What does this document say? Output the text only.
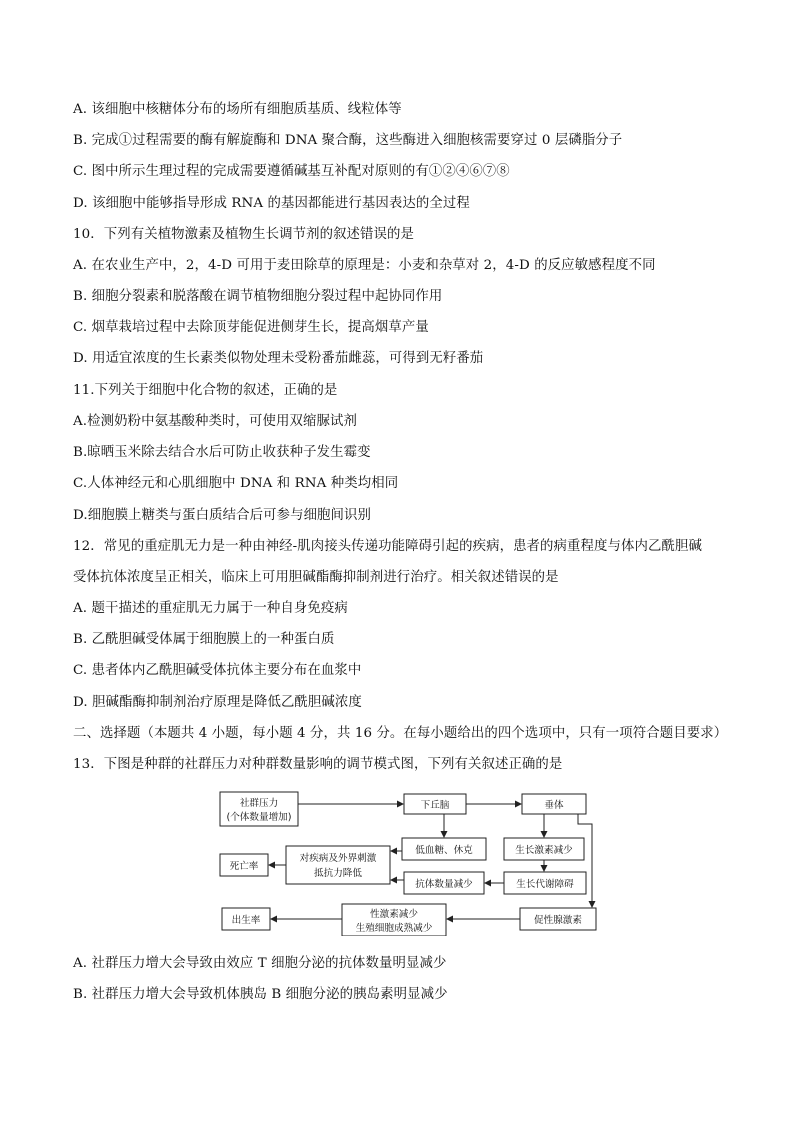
A. 该细胞中核糖体分布的场所有细胞质基质、线粒体等
B. 完成①过程需要的酶有解旋酶和 DNA 聚合酶，这些酶进入细胞核需要穿过 0 层磷脂分子
C. 图中所示生理过程的完成需要遵循碱基互补配对原则的有①②④⑥⑦⑧
D. 该细胞中能够指导形成 RNA 的基因都能进行基因表达的全过程
10．下列有关植物激素及植物生长调节剂的叙述错误的是
A. 在农业生产中，2，4-D 可用于麦田除草的原理是：小麦和杂草对 2，4-D 的反应敏感程度不同
B. 细胞分裂素和脱落酸在调节植物细胞分裂过程中起协同作用
C. 烟草栽培过程中去除顶芽能促进侧芽生长，提高烟草产量
D. 用适宜浓度的生长素类似物处理未受粉番茄雌蕊，可得到无籽番茄
11.下列关于细胞中化合物的叙述，正确的是
A.检测奶粉中氨基酸种类时，可使用双缩脲试剂
B.晾晒玉米除去结合水后可防止收获种子发生霉变
C.人体神经元和心肌细胞中 DNA 和 RNA 种类均相同
D.细胞膜上糖类与蛋白质结合后可参与细胞间识别
12．常见的重症肌无力是一种由神经-肌肉接头传递功能障碍引起的疾病，患者的病重程度与体内乙酰胆碱
受体抗体浓度呈正相关，临床上可用胆碱酯酶抑制剂进行治疗。相关叙述错误的是
A. 题干描述的重症肌无力属于一种自身免疫病
B. 乙酰胆碱受体属于细胞膜上的一种蛋白质
C. 患者体内乙酰胆碱受体抗体主要分布在血浆中
D. 胆碱酯酶抑制剂治疗原理是降低乙酰胆碱浓度
二、选择题（本题共 4 小题，每小题 4 分，共 16 分。在每小题给出的四个选项中，只有一项符合题目要求）
13．下图是种群的社群压力对种群数量影响的调节模式图，下列有关叙述正确的是
社群压力
(个体数量增加)
下丘脑	垂体
低血糖、休克	生长激素减少
死亡率
对疾病及外界刺激
抵抗力降低
抗体数量减少	生长代谢障碍
出生率
性激素减少
生殖细胞成熟减少
促性腺激素
A. 社群压力增大会导致由效应 T 细胞分泌的抗体数量明显减少
B. 社群压力增大会导致机体胰岛 B 细胞分泌的胰岛素明显减少
